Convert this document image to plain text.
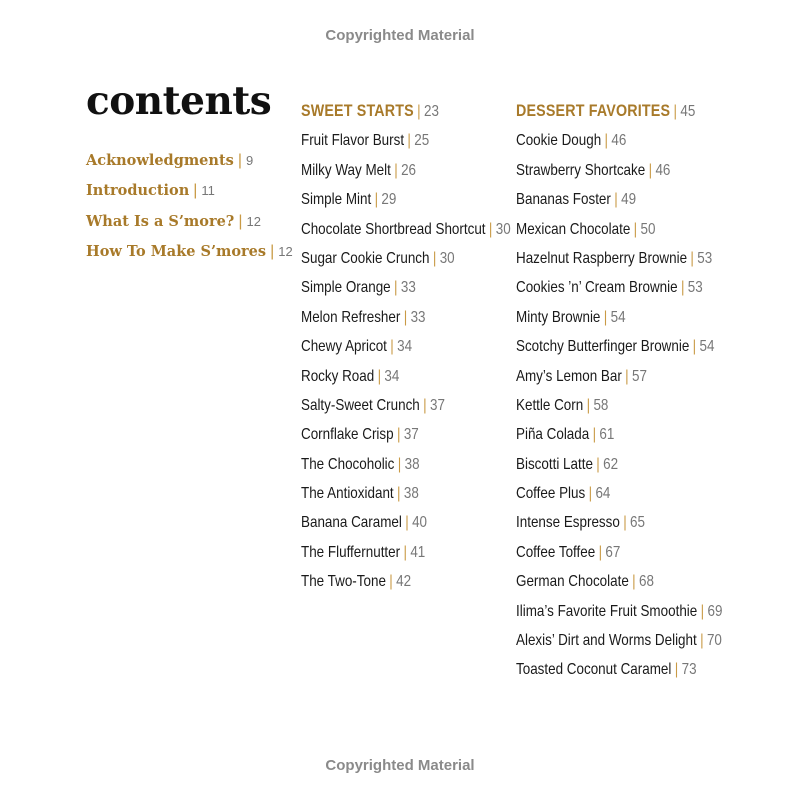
Copyrighted Material
contents
Acknowledgments | 9
Introduction | 11
What Is a S’more? | 12
How To Make S’mores | 12
SWEET STARTS | 23
Fruit Flavor Burst | 25
Milky Way Melt | 26
Simple Mint | 29
Chocolate Shortbread Shortcut | 30
Sugar Cookie Crunch | 30
Simple Orange | 33
Melon Refresher | 33
Chewy Apricot | 34
Rocky Road | 34
Salty-Sweet Crunch | 37
Cornflake Crisp | 37
The Chocoholic | 38
The Antioxidant | 38
Banana Caramel | 40
The Fluffernutter | 41
The Two-Tone | 42
DESSERT FAVORITES | 45
Cookie Dough | 46
Strawberry Shortcake | 46
Bananas Foster | 49
Mexican Chocolate | 50
Hazelnut Raspberry Brownie | 53
Cookies ’n’ Cream Brownie | 53
Minty Brownie | 54
Scotchy Butterfinger Brownie | 54
Amy’s Lemon Bar | 57
Kettle Corn | 58
Piña Colada | 61
Biscotti Latte | 62
Coffee Plus | 64
Intense Espresso | 65
Coffee Toffee | 67
German Chocolate | 68
Ilima’s Favorite Fruit Smoothie | 69
Alexis’ Dirt and Worms Delight | 70
Toasted Coconut Caramel | 73
Copyrighted Material
